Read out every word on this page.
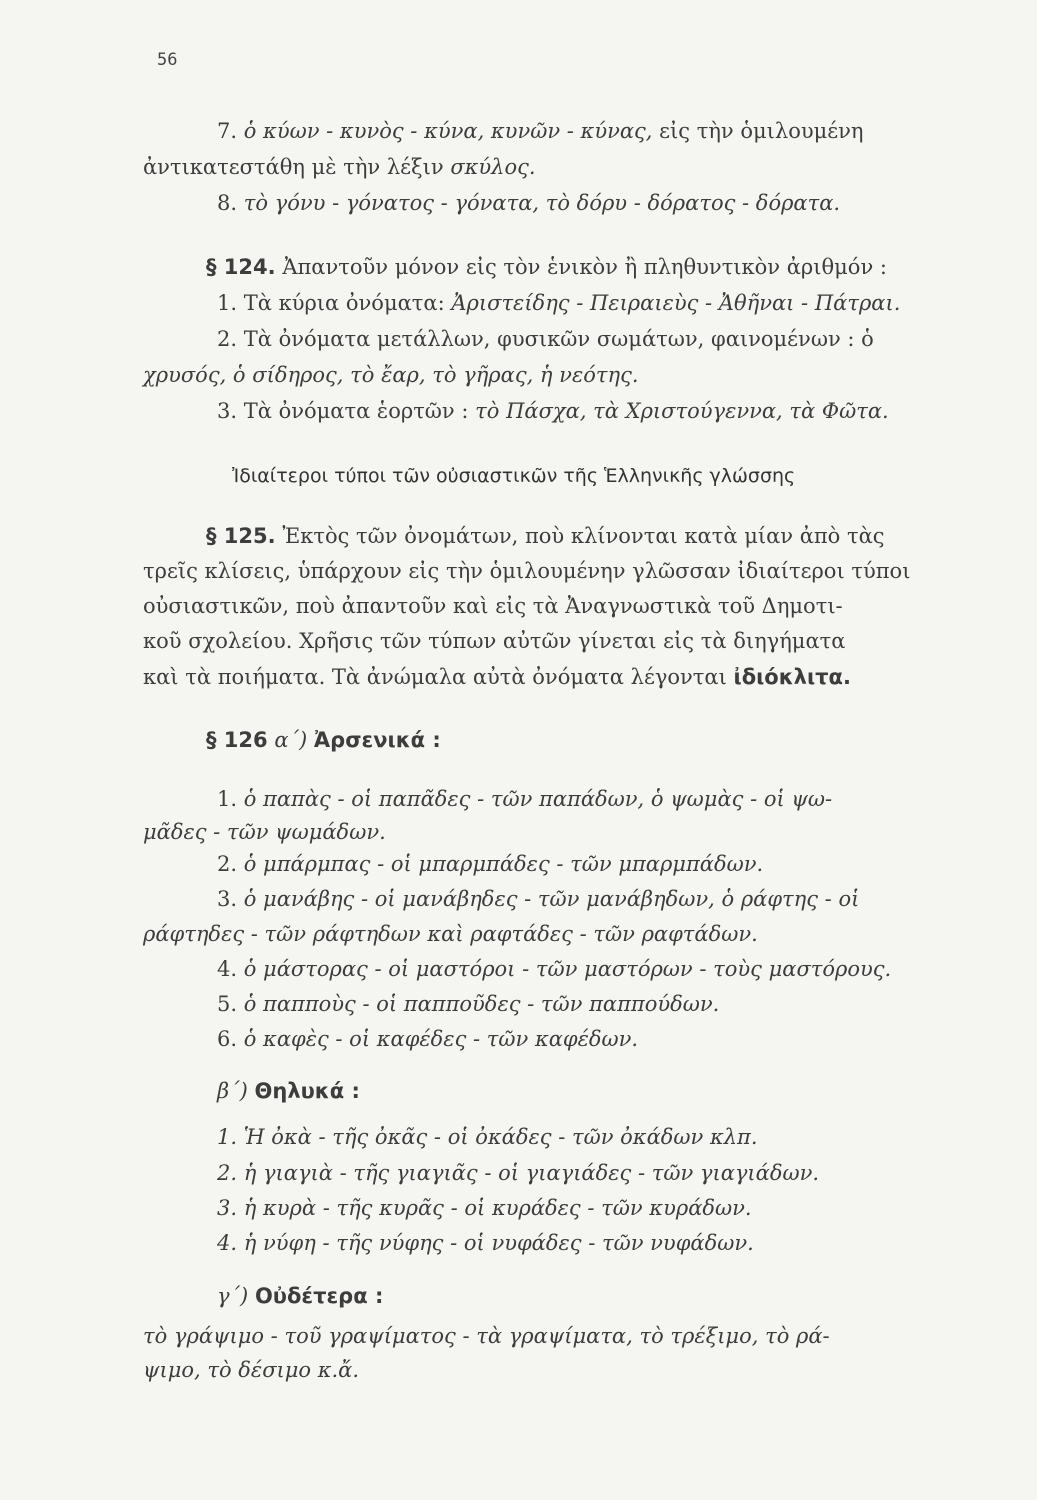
56
7. ὁ κύων - κυνὸς - κύνα, κυνῶν - κύνας, εἰς τὴν ὁμιλουμένη
ἀντικατεστάθη μὲ τὴν λέξιν σκύλος.
8. τὸ γόνυ - γόνατος - γόνατα, τὸ δόρυ - δόρατος - δόρατα.
§ 124. Ἀπαντοῦν μόνον εἰς τὸν ἑνικὸν ἢ πληθυντικὸν ἀριθμόν :
1. Τὰ κύρια ὀνόματα: Ἀριστείδης - Πειραιεὺς - Ἀθῆναι - Πάτραι.
2. Τὰ ὀνόματα μετάλλων, φυσικῶν σωμάτων, φαινομένων : ὁ
χρυσός, ὁ σίδηρος, τὸ ἔαρ, τὸ γῆρας, ἡ νεότης.
3. Τὰ ὀνόματα ἑορτῶν : τὸ Πάσχα, τὰ Χριστούγεννα, τὰ Φῶτα.
Ἰδιαίτεροι τύποι τῶν οὐσιαστικῶν τῆς Ἑλληνικῆς γλώσσης
§ 125. Ἐκτὸς τῶν ὀνομάτων, ποὺ κλίνονται κατὰ μίαν ἀπὸ τὰς
τρεῖς κλίσεις, ὑπάρχουν εἰς τὴν ὁμιλουμένην γλῶσσαν ἰδιαίτεροι τύποι
οὐσιαστικῶν, ποὺ ἀπαντοῦν καὶ εἰς τὰ Ἀναγνωστικὰ τοῦ Δημοτι-
κοῦ σχολείου. Χρῆσις τῶν τύπων αὐτῶν γίνεται εἰς τὰ διηγήματα
καὶ τὰ ποιήματα. Τὰ ἀνώμαλα αὐτὰ ὀνόματα λέγονται ἰδιόκλιτα.
§ 126 α΄) Ἀρσενικά :
1. ὁ παπὰς - οἱ παπᾶδες - τῶν παπάδων, ὁ ψωμὰς - οἱ ψω-
μᾶδες - τῶν ψωμάδων.
2. ὁ μπάρμπας - οἱ μπαρμπάδες - τῶν μπαρμπάδων.
3. ὁ μανάβης - οἱ μανάβηδες - τῶν μανάβηδων, ὁ ράφτης - οἱ
ράφτηδες - τῶν ράφτηδων καὶ ραφτάδες - τῶν ραφτάδων.
4. ὁ μάστορας - οἱ μαστόροι - τῶν μαστόρων - τοὺς μαστόρους.
5. ὁ παπποὺς - οἱ παπποῦδες - τῶν παππούδων.
6. ὁ καφὲς - οἱ καφέδες - τῶν καφέδων.
β΄) Θηλυκά :
1. Ἡ ὀκὰ - τῆς ὀκᾶς - οἱ ὀκάδες - τῶν ὀκάδων κλπ.
2. ἡ γιαγιὰ - τῆς γιαγιᾶς - οἱ γιαγιάδες - τῶν γιαγιάδων.
3. ἡ κυρὰ - τῆς κυρᾶς - οἱ κυράδες - τῶν κυράδων.
4. ἡ νύφη - τῆς νύφης - οἱ νυφάδες - τῶν νυφάδων.
γ΄) Οὐδέτερα :
τὸ γράψιμο - τοῦ γραψίματος - τὰ γραψίματα, τὸ τρέξιμο, τὸ ρά-
ψιμο, τὸ δέσιμο κ.ἄ.
